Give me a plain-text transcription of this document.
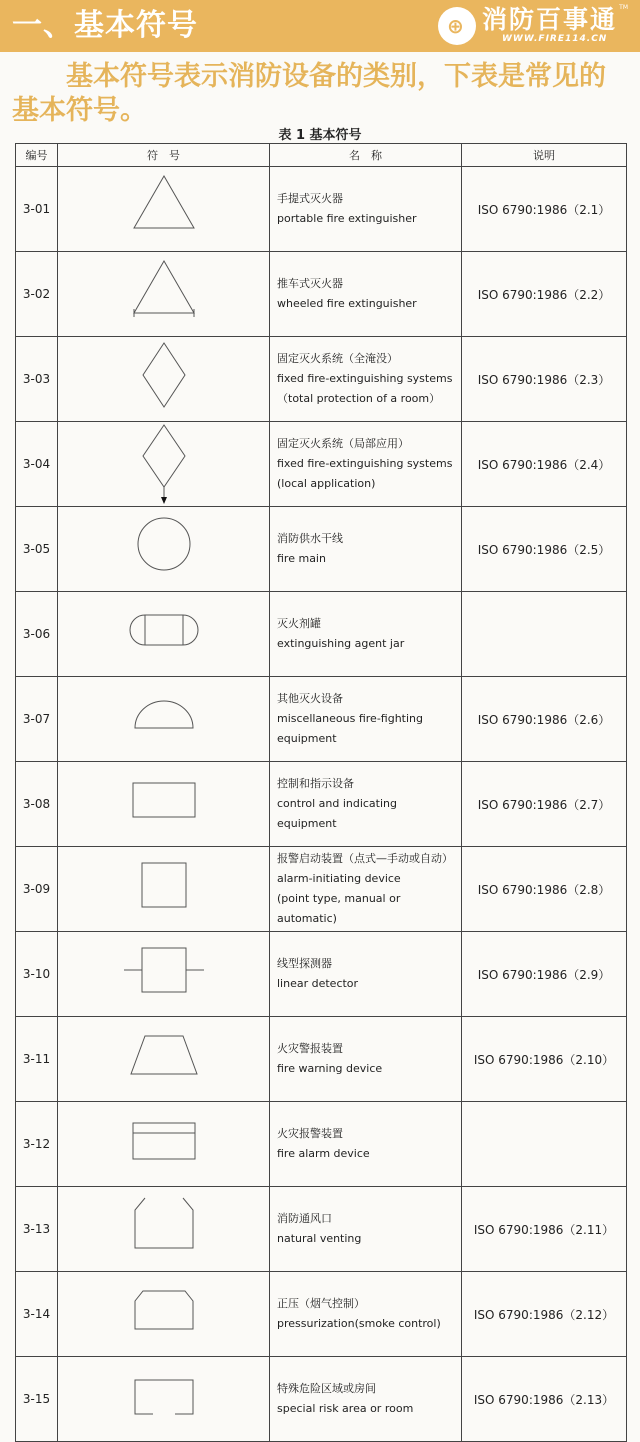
一、基本符号	⊕ 消防百事通
WWW.FIRE114.CN
TM
基本符号表示消防设备的类别，下表是常见的基本符号。
表 1 基本符号
编号	符　号	名　称	说明
3-01		手提式灭火器
portable fire extinguisher	ISO 6790:1986（2.1）
3-02		推车式灭火器
wheeled fire extinguisher	ISO 6790:1986（2.2）
3-03		固定灭火系统（全淹没）
fixed fire-extinguishing systems
（total protection of a room）	ISO 6790:1986（2.3）
3-04		固定灭火系统（局部应用）
fixed fire-extinguishing systems
(local application)	ISO 6790:1986（2.4）
3-05		消防供水干线
fire main	ISO 6790:1986（2.5）
3-06		灭火剂罐
extinguishing agent jar	

3-07		其他灭火设备
miscellaneous fire-fighting
equipment	ISO 6790:1986（2.6）
3-08		控制和指示设备
control and indicating equipment	ISO 6790:1986（2.7）
3-09		报警启动装置（点式—手动或自动）
alarm-initiating device
(point type, manual or automatic)	ISO 6790:1986（2.8）
3-10		线型探测器
linear detector	ISO 6790:1986（2.9）
3-11		火灾警报装置
fire warning device	ISO 6790:1986（2.10）
3-12		火灾报警装置
fire alarm device	

3-13		消防通风口
natural venting	ISO 6790:1986（2.11）
3-14		正压（烟气控制）
pressurization(smoke control)	ISO 6790:1986（2.12）
3-15		特殊危险区域或房间
special risk area or room	ISO 6790:1986（2.13）
